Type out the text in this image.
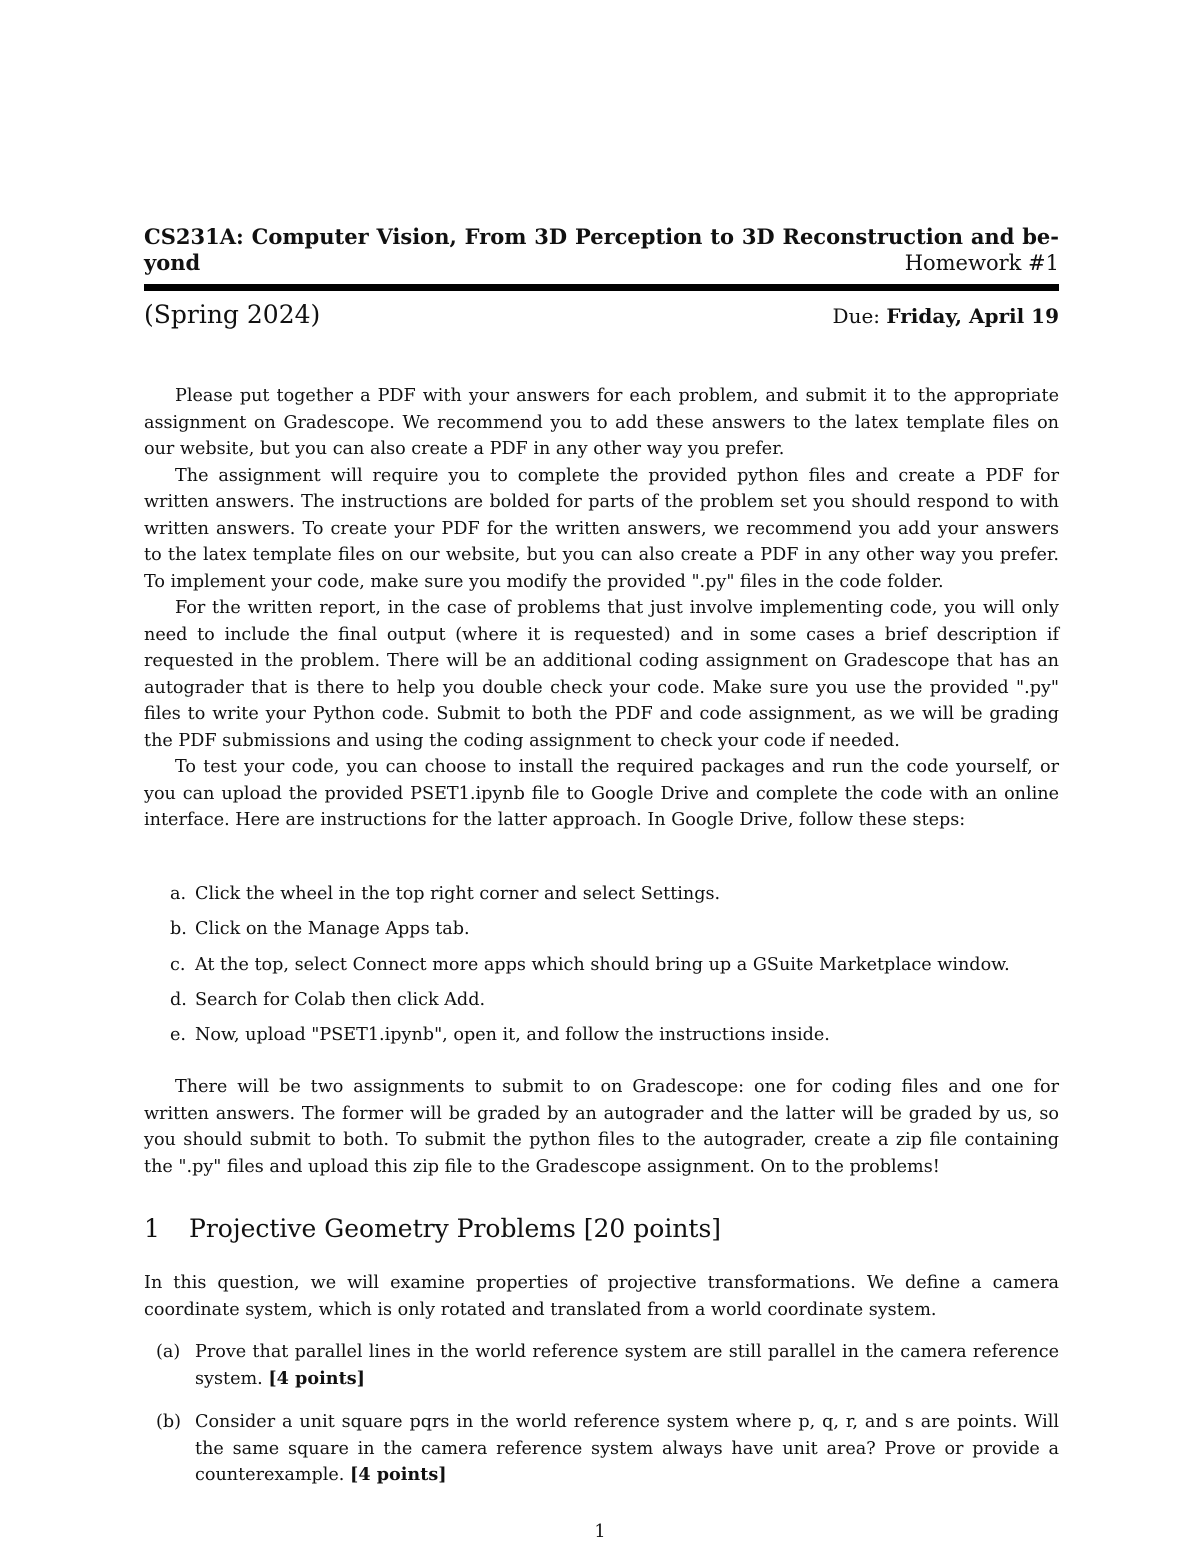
CS231A: Computer Vision, From 3D Perception to 3D Reconstruction and be-
yond	Homework #1
(Spring 2024)	Due: Friday, April 19

Please put together a PDF with your answers for each problem, and submit it to the appropriate assignment on Gradescope. We recommend you to add these answers to the latex template files on our website, but you can also create a PDF in any other way you prefer.

The assignment will require you to complete the provided python files and create a PDF for written answers. The instructions are bolded for parts of the problem set you should respond to with written answers. To create your PDF for the written answers, we recommend you add your answers to the latex template files on our website, but you can also create a PDF in any other way you prefer. To implement your code, make sure you modify the provided ".py" files in the code folder.

For the written report, in the case of problems that just involve implementing code, you will only need to include the final output (where it is requested) and in some cases a brief description if requested in the problem. There will be an additional coding assignment on Gradescope that has an autograder that is there to help you double check your code. Make sure you use the provided ".py" files to write your Python code. Submit to both the PDF and code assignment, as we will be grading the PDF submissions and using the coding assignment to check your code if needed.

To test your code, you can choose to install the required packages and run the code yourself, or you can upload the provided PSET1.ipynb file to Google Drive and complete the code with an online interface. Here are instructions for the latter approach. In Google Drive, follow these steps:

a. Click the wheel in the top right corner and select Settings.
b. Click on the Manage Apps tab.
c. At the top, select Connect more apps which should bring up a GSuite Marketplace window.
d. Search for Colab then click Add.
e. Now, upload "PSET1.ipynb", open it, and follow the instructions inside.

There will be two assignments to submit to on Gradescope: one for coding files and one for written answers. The former will be graded by an autograder and the latter will be graded by us, so you should submit to both. To submit the python files to the autograder, create a zip file containing the ".py" files and upload this zip file to the Gradescope assignment. On to the problems!

1 Projective Geometry Problems [20 points]
In this question, we will examine properties of projective transformations. We define a camera coordinate system, which is only rotated and translated from a world coordinate system.
(a) Prove that parallel lines in the world reference system are still parallel in the camera reference system. [4 points]
(b) Consider a unit square pqrs in the world reference system where p, q, r, and s are points. Will the same square in the camera reference system always have unit area? Prove or provide a counterexample. [4 points]
1
